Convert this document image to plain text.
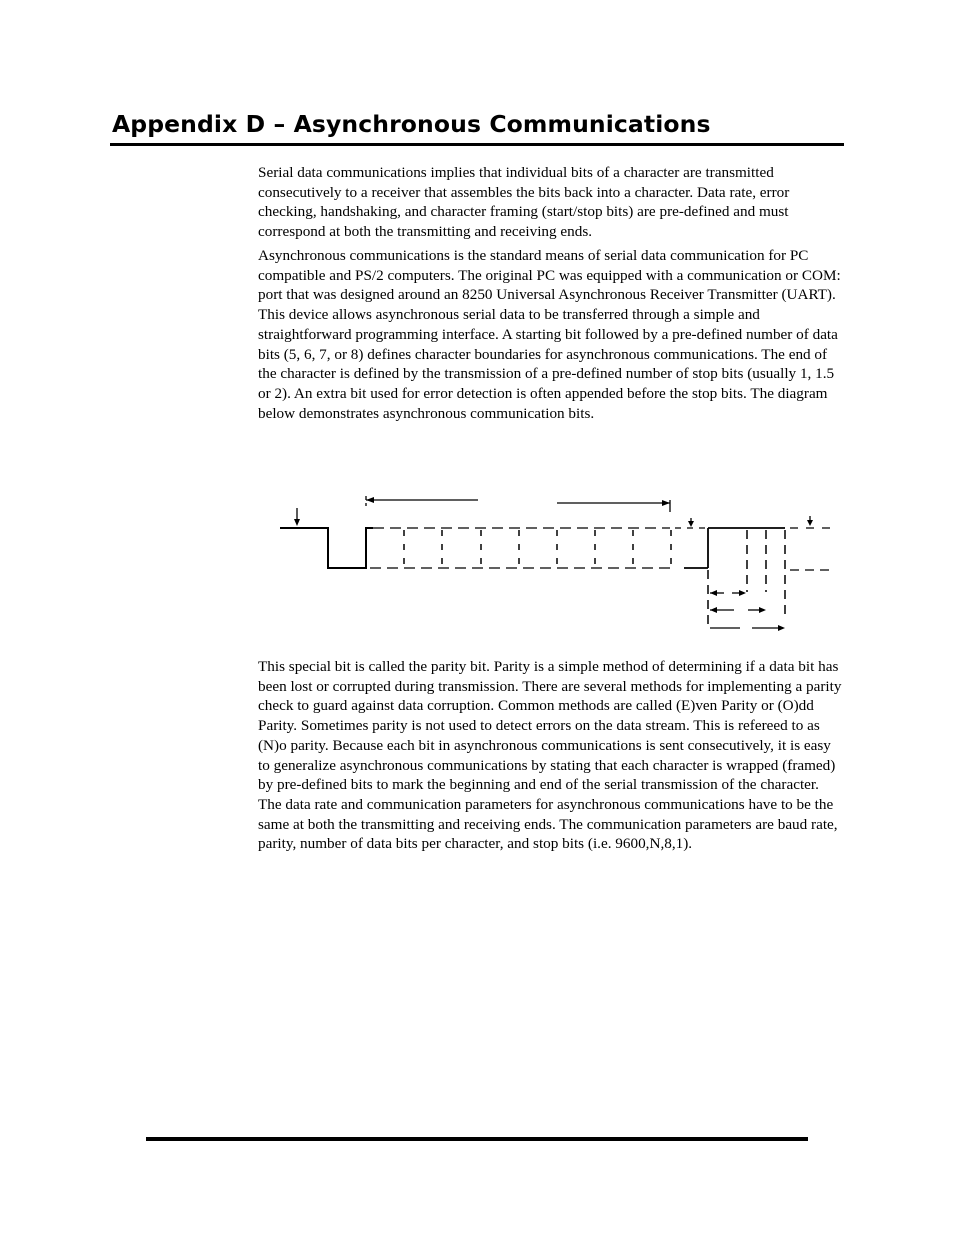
Appendix D – Asynchronous Communications

Serial data communications implies that individual bits of a character are transmitted consecutively to a receiver that assembles the bits back into a character. Data rate, error checking, handshaking, and character framing (start/stop bits) are pre-defined and must correspond at both the transmitting and receiving ends.

Asynchronous communications is the standard means of serial data communication for PC compatible and PS/2 computers. The original PC was equipped with a communication or COM: port that was designed around an 8250 Universal Asynchronous Receiver Transmitter (UART). This device allows asynchronous serial data to be transferred through a simple and straightforward programming interface. A starting bit followed by a pre-defined number of data bits (5, 6, 7, or 8) defines character boundaries for asynchronous communications. The end of the character is defined by the transmission of a pre-defined number of stop bits (usually 1, 1.5 or 2). An extra bit used for error detection is often appended before the stop bits. The diagram below demonstrates asynchronous communication bits.

This special bit is called the parity bit. Parity is a simple method of determining if a data bit has been lost or corrupted during transmission. There are several methods for implementing a parity check to guard against data corruption. Common methods are called (E)ven Parity or (O)dd Parity. Sometimes parity is not used to detect errors on the data stream. This is refereed to as (N)o parity. Because each bit in asynchronous communications is sent consecutively, it is easy to generalize asynchronous communications by stating that each character is wrapped (framed) by pre-defined bits to mark the beginning and end of the serial transmission of the character. The data rate and communication parameters for asynchronous communications have to be the same at both the transmitting and receiving ends. The communication parameters are baud rate, parity, number of data bits per character, and stop bits (i.e. 9600,N,8,1).
